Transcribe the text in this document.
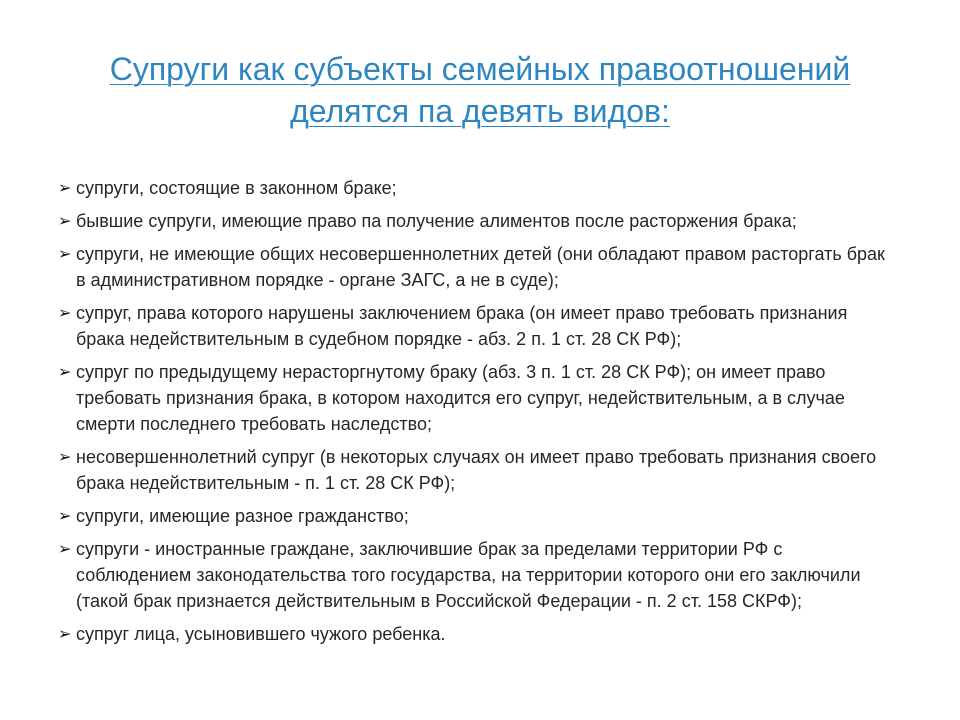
Супруги как субъекты семейных правоотношений
делятся па девять видов:
➢ супруги, состоящие в законном браке;
➢ бывшие супруги, имеющие право па получение алиментов после расторжения брака;
➢ супруги, не имеющие общих несовершеннолетних детей (они обладают правом расторгать брак в административном порядке - органе ЗАГС, а не в суде);
➢ супруг, права которого нарушены заключением брака (он имеет право требовать признания брака недействительным в судебном порядке - абз. 2 п. 1 ст. 28 СК РФ);
➢ супруг по предыдущему нерасторгнутому браку (абз. 3 п. 1 ст. 28 СК РФ); он имеет право требовать признания брака, в котором находится его супруг, недействительным, а в случае смерти последнего требовать наследство;
➢ несовершеннолетний супруг (в некоторых случаях он имеет право требовать признания своего брака недействительным - п. 1 ст. 28 СК РФ);
➢ супруги, имеющие разное гражданство;
➢ супруги - иностранные граждане, заключившие брак за пределами территории РФ с соблюдением законодательства того государства, на территории которого они его заключили (такой брак признается действительным в Российской Федерации - п. 2 ст. 158 СКРФ);
➢ супруг лица, усыновившего чужого ребенка.
